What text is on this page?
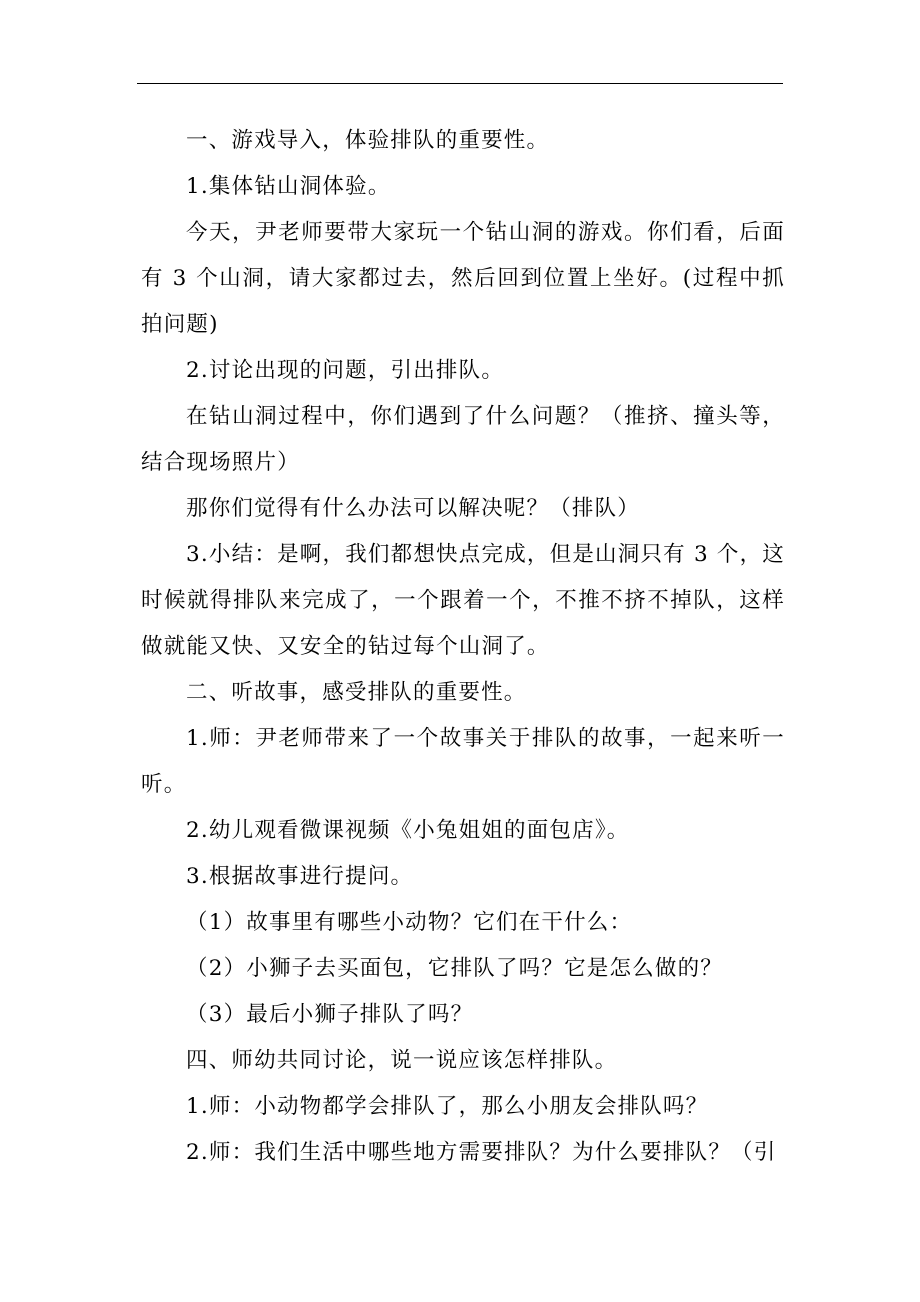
一、游戏导入，体验排队的重要性。

1.集体钻山洞体验。

今天，尹老师要带大家玩一个钻山洞的游戏。你们看，后面有 3 个山洞，请大家都过去，然后回到位置上坐好。(过程中抓拍问题)

2.讨论出现的问题，引出排队。

在钻山洞过程中，你们遇到了什么问题？（推挤、撞头等，结合现场照片）

那你们觉得有什么办法可以解决呢？（排队）

3.小结：是啊，我们都想快点完成，但是山洞只有 3 个，这时候就得排队来完成了，一个跟着一个，不推不挤不掉队，这样做就能又快、又安全的钻过每个山洞了。

二、听故事，感受排队的重要性。

1.师：尹老师带来了一个故事关于排队的故事，一起来听一听。

2.幼儿观看微课视频《小兔姐姐的面包店》。

3.根据故事进行提问。

（1）故事里有哪些小动物？它们在干什么：

（2）小狮子去买面包，它排队了吗？它是怎么做的？

（3）最后小狮子排队了吗？

四、师幼共同讨论，说一说应该怎样排队。

1.师：小动物都学会排队了，那么小朋友会排队吗？

2.师：我们生活中哪些地方需要排队？为什么要排队？（引
